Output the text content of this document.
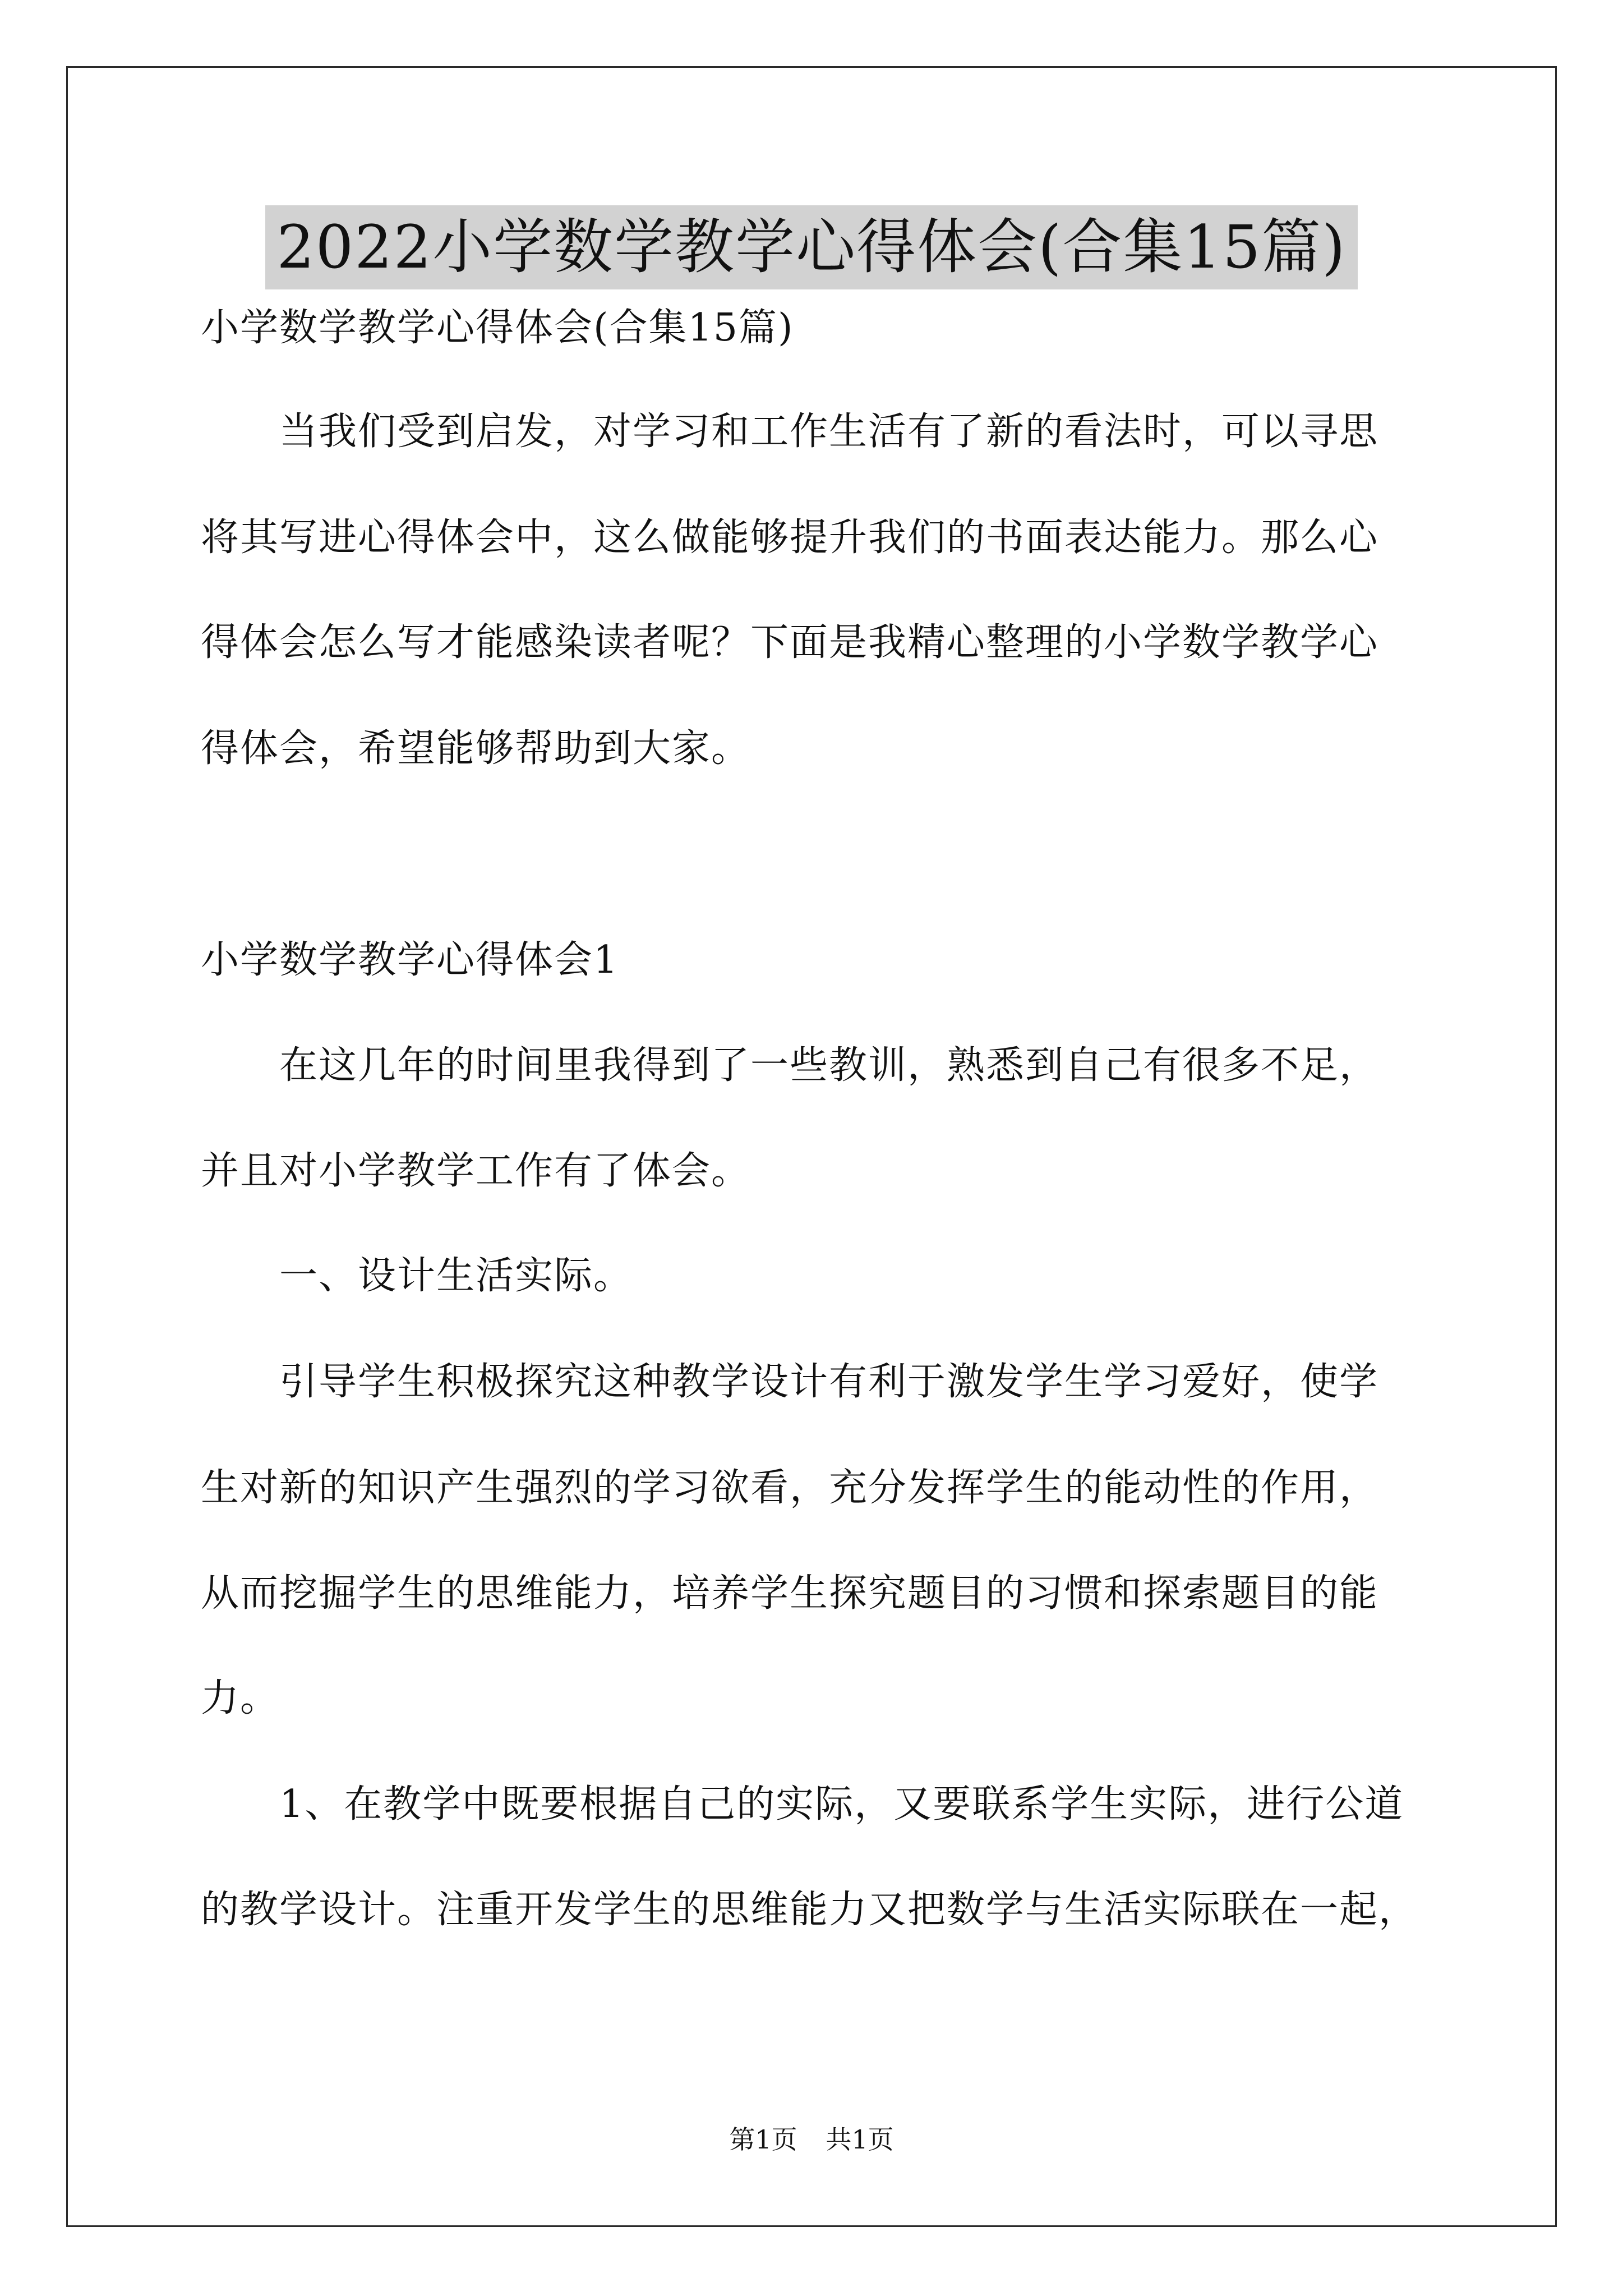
2022小学数学教学心得体会(合集15篇)
小学数学教学心得体会(合集15篇)
　　当我们受到启发，对学习和工作生活有了新的看法时，可以寻思
将其写进心得体会中，这么做能够提升我们的书面表达能力。那么心
得体会怎么写才能感染读者呢？下面是我精心整理的小学数学教学心
得体会，希望能够帮助到大家。
小学数学教学心得体会1
　　在这几年的时间里我得到了一些教训，熟悉到自己有很多不足，
并且对小学教学工作有了体会。
　　一、设计生活实际。
　　引导学生积极探究这种教学设计有利于激发学生学习爱好，使学
生对新的知识产生强烈的学习欲看，充分发挥学生的能动性的作用，
从而挖掘学生的思维能力，培养学生探究题目的习惯和探索题目的能
力。
　　1、在教学中既要根据自己的实际，又要联系学生实际，进行公道
的教学设计。注重开发学生的思维能力又把数学与生活实际联在一起，
第1页 共1页
